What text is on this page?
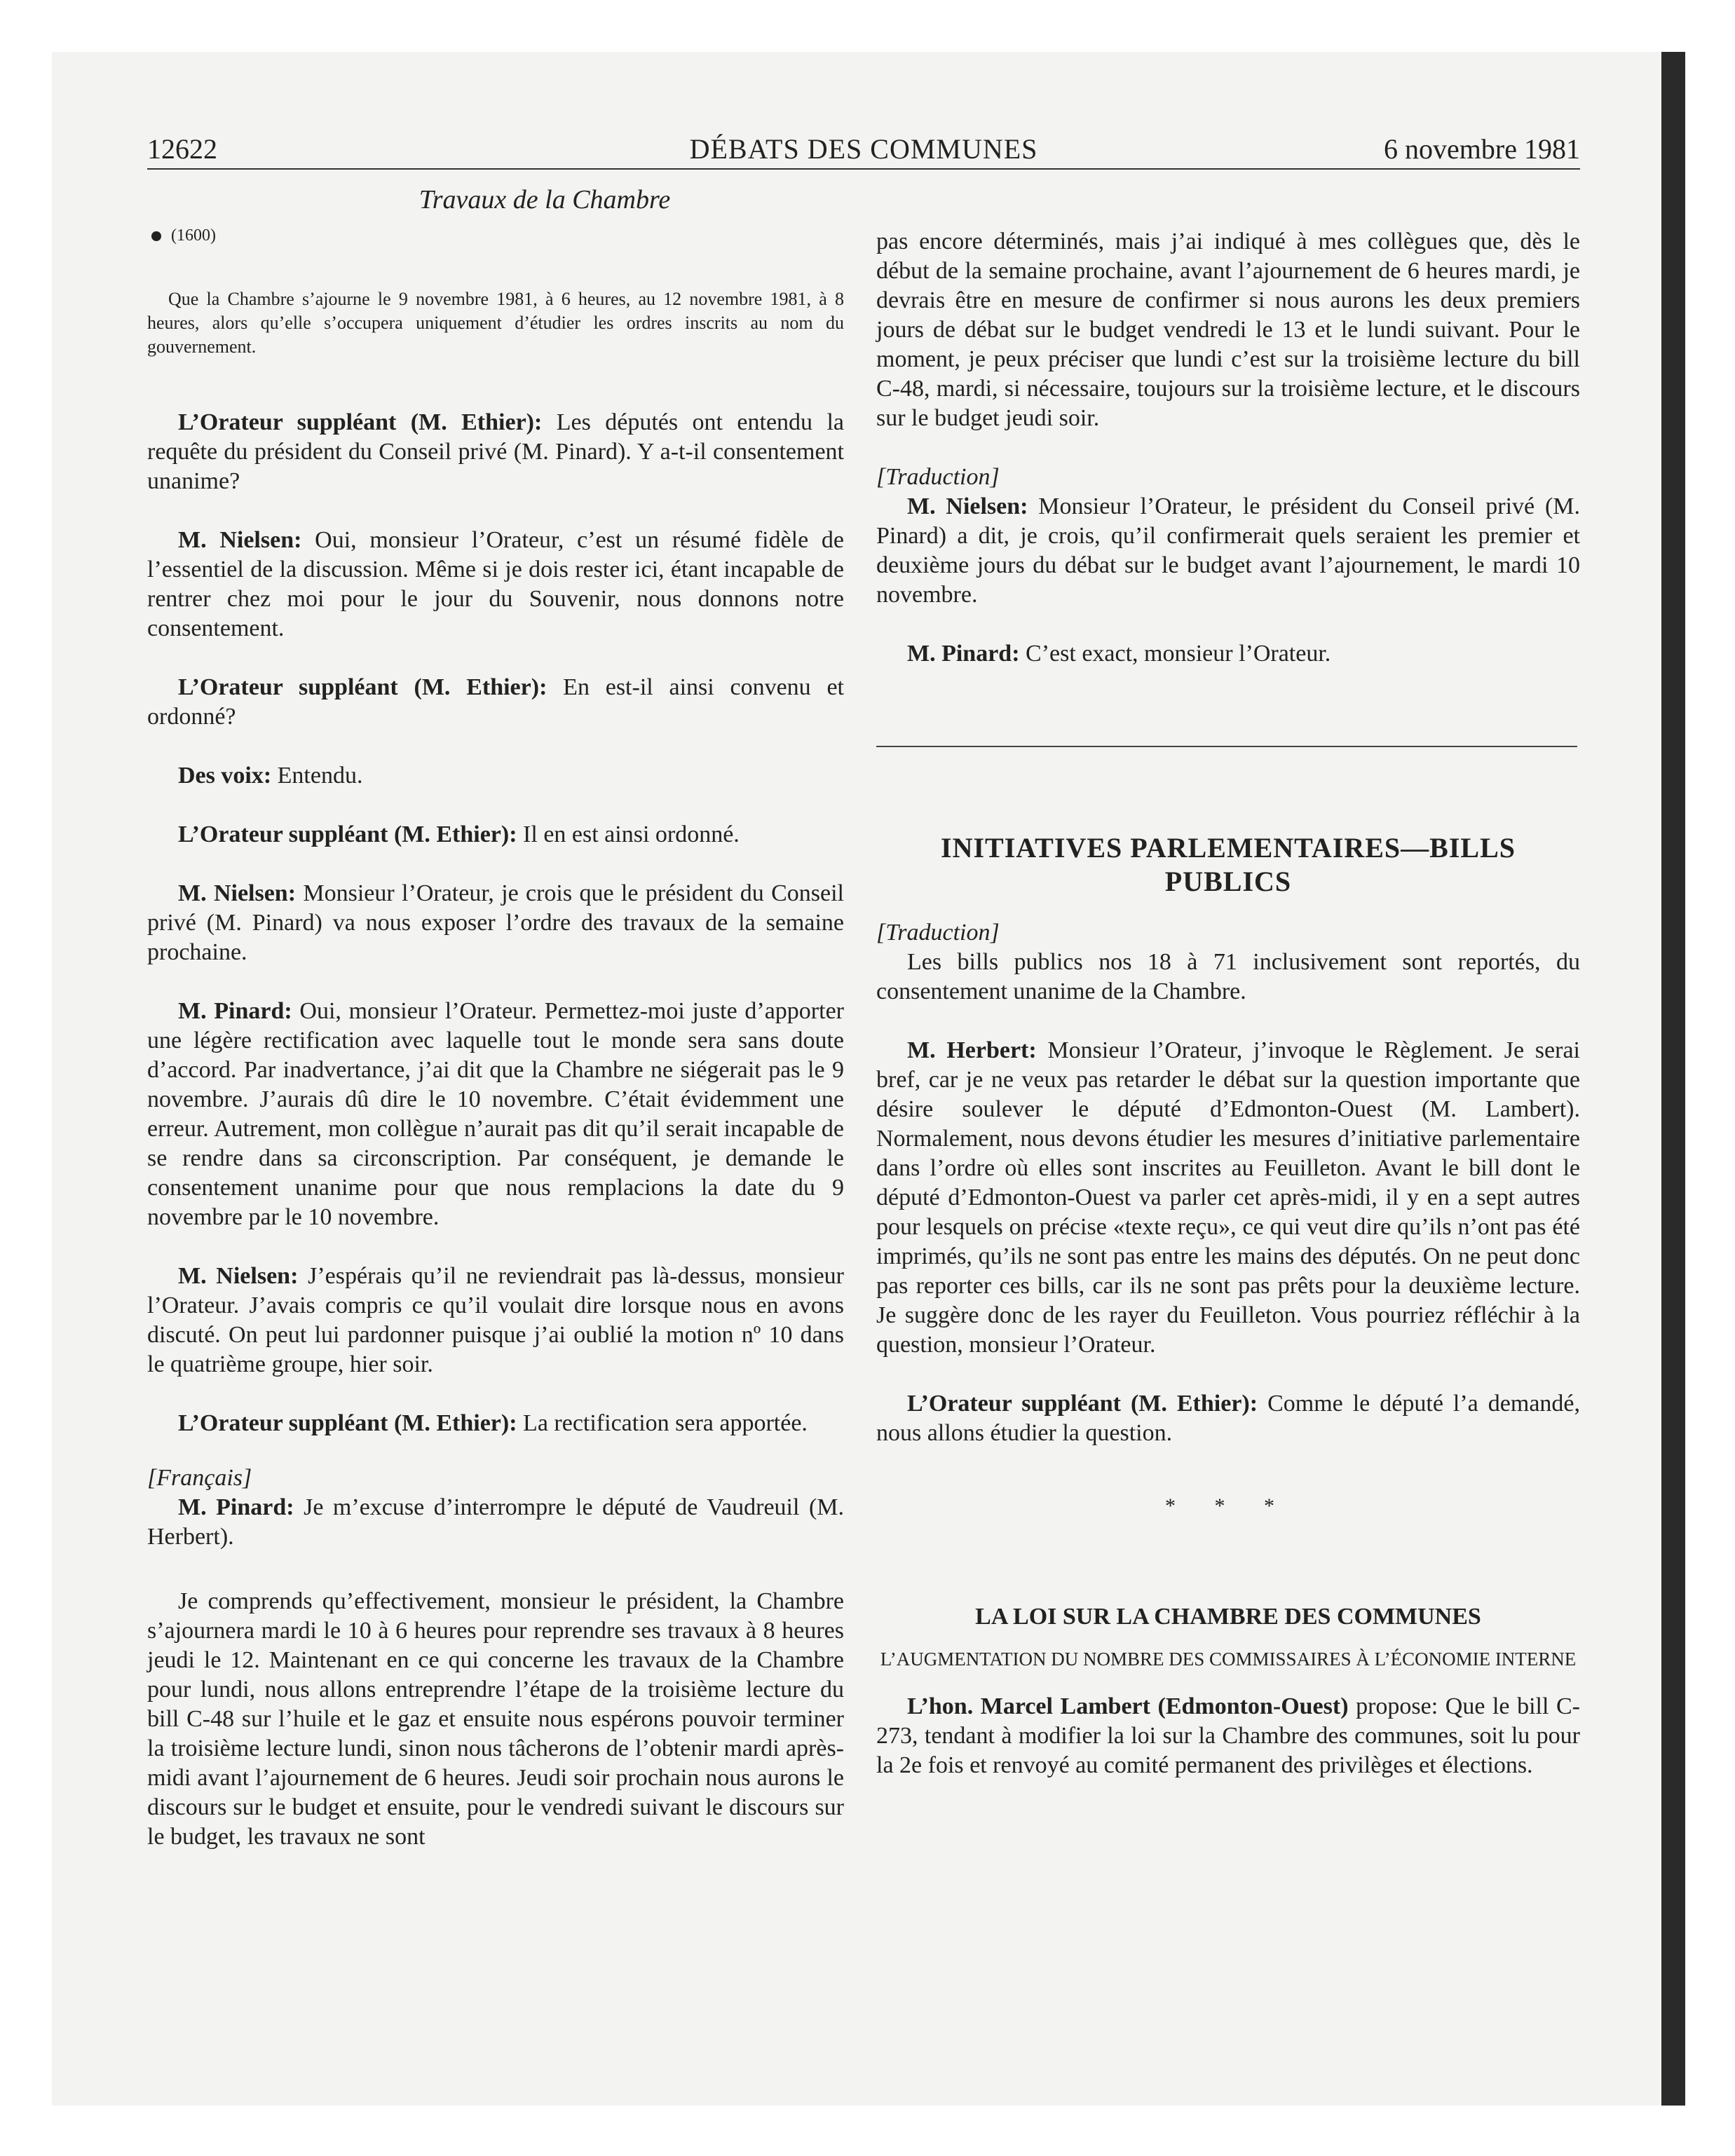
12622	DÉBATS DES COMMUNES	6 novembre 1981
Travaux de la Chambre
(1600)

Que la Chambre s’ajourne le 9 novembre 1981, à 6 heures, au 12 novembre 1981, à 8 heures, alors qu’elle s’occupera uniquement d’étudier les ordres inscrits au nom du gouvernement.

L’Orateur suppléant (M. Ethier): Les députés ont entendu la requête du président du Conseil privé (M. Pinard). Y a-t-il consentement unanime?

M. Nielsen: Oui, monsieur l’Orateur, c’est un résumé fidèle de l’essentiel de la discussion. Même si je dois rester ici, étant incapable de rentrer chez moi pour le jour du Souvenir, nous donnons notre consentement.

L’Orateur suppléant (M. Ethier): En est-il ainsi convenu et ordonné?

Des voix: Entendu.

L’Orateur suppléant (M. Ethier): Il en est ainsi ordonné.

M. Nielsen: Monsieur l’Orateur, je crois que le président du Conseil privé (M. Pinard) va nous exposer l’ordre des travaux de la semaine prochaine.

M. Pinard: Oui, monsieur l’Orateur. Permettez-moi juste d’apporter une légère rectification avec laquelle tout le monde sera sans doute d’accord. Par inadvertance, j’ai dit que la Chambre ne siégerait pas le 9 novembre. J’aurais dû dire le 10 novembre. C’était évidemment une erreur. Autrement, mon collègue n’aurait pas dit qu’il serait incapable de se rendre dans sa circonscription. Par conséquent, je demande le consentement unanime pour que nous remplacions la date du 9 novembre par le 10 novembre.

M. Nielsen: J’espérais qu’il ne reviendrait pas là-dessus, monsieur l’Orateur. J’avais compris ce qu’il voulait dire lorsque nous en avons discuté. On peut lui pardonner puisque j’ai oublié la motion nº 10 dans le quatrième groupe, hier soir.

L’Orateur suppléant (M. Ethier): La rectification sera apportée.

[Français]

M. Pinard: Je m’excuse d’interrompre le député de Vaudreuil (M. Herbert).

Je comprends qu’effectivement, monsieur le président, la Chambre s’ajournera mardi le 10 à 6 heures pour reprendre ses travaux à 8 heures jeudi le 12. Maintenant en ce qui concerne les travaux de la Chambre pour lundi, nous allons entreprendre l’étape de la troisième lecture du bill C-48 sur l’huile et le gaz et ensuite nous espérons pouvoir terminer la troisième lecture lundi, sinon nous tâcherons de l’obtenir mardi après-midi avant l’ajournement de 6 heures. Jeudi soir prochain nous aurons le discours sur le budget et ensuite, pour le vendredi suivant le discours sur le budget, les travaux ne sont

pas encore déterminés, mais j’ai indiqué à mes collègues que, dès le début de la semaine prochaine, avant l’ajournement de 6 heures mardi, je devrais être en mesure de confirmer si nous aurons les deux premiers jours de débat sur le budget vendredi le 13 et le lundi suivant. Pour le moment, je peux préciser que lundi c’est sur la troisième lecture du bill C-48, mardi, si nécessaire, toujours sur la troisième lecture, et le discours sur le budget jeudi soir.

[Traduction]

M. Nielsen: Monsieur l’Orateur, le président du Conseil privé (M. Pinard) a dit, je crois, qu’il confirmerait quels seraient les premier et deuxième jours du débat sur le budget avant l’ajournement, le mardi 10 novembre.

M. Pinard: C’est exact, monsieur l’Orateur.

INITIATIVES PARLEMENTAIRES—BILLS PUBLICS

[Traduction]

Les bills publics nos 18 à 71 inclusivement sont reportés, du consentement unanime de la Chambre.

M. Herbert: Monsieur l’Orateur, j’invoque le Règlement. Je serai bref, car je ne veux pas retarder le débat sur la question importante que désire soulever le député d’Edmonton-Ouest (M. Lambert). Normalement, nous devons étudier les mesures d’initiative parlementaire dans l’ordre où elles sont inscrites au Feuilleton. Avant le bill dont le député d’Edmonton-Ouest va parler cet après-midi, il y en a sept autres pour lesquels on précise «texte reçu», ce qui veut dire qu’ils n’ont pas été imprimés, qu’ils ne sont pas entre les mains des députés. On ne peut donc pas reporter ces bills, car ils ne sont pas prêts pour la deuxième lecture. Je suggère donc de les rayer du Feuilleton. Vous pourriez réfléchir à la question, monsieur l’Orateur.

L’Orateur suppléant (M. Ethier): Comme le député l’a demandé, nous allons étudier la question.

* * *
LA LOI SUR LA CHAMBRE DES COMMUNES
L’AUGMENTATION DU NOMBRE DES COMMISSAIRES À L’ÉCONOMIE INTERNE

L’hon. Marcel Lambert (Edmonton-Ouest) propose: Que le bill C-273, tendant à modifier la loi sur la Chambre des communes, soit lu pour la 2e fois et renvoyé au comité permanent des privilèges et élections.
